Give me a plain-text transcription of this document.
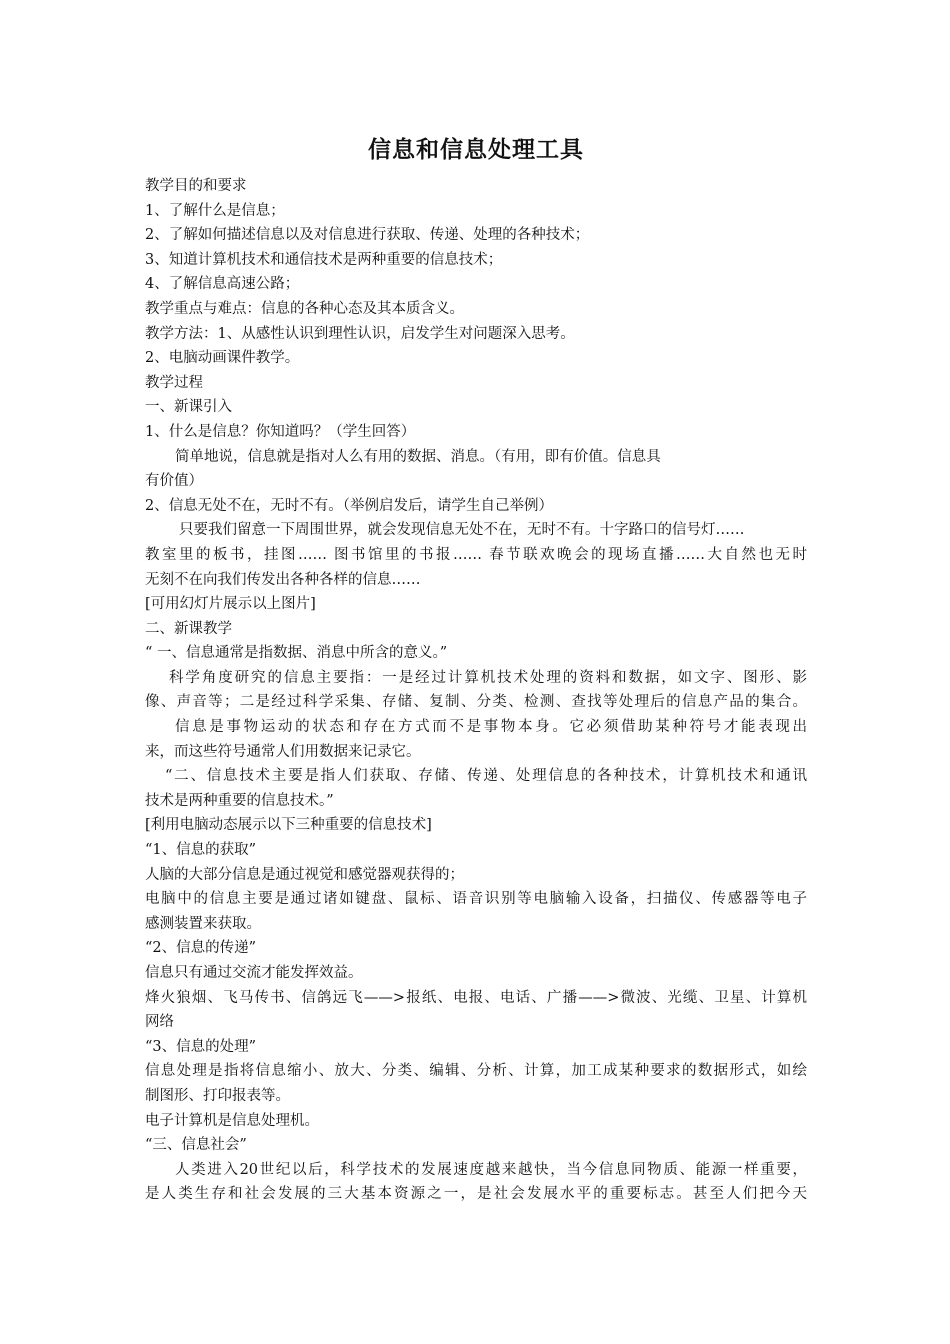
信息和信息处理工具

教学目的和要求

1、了解什么是信息；

2、了解如何描述信息以及对信息进行获取、传递、处理的各种技术；

3、知道计算机技术和通信技术是两种重要的信息技术；

4、了解信息高速公路；

教学重点与难点：信息的各种心态及其本质含义。

教学方法：1、从感性认识到理性认识，启发学生对问题深入思考。

2、电脑动画课件教学。

教学过程

一、新课引入

1、什么是信息？你知道吗？（学生回答）

简单地说，信息就是指对人么有用的数据、消息。（有用，即有价值。信息具

有价值）

2、信息无处不在，无时不有。（举例启发后，请学生自己举例）

只要我们留意一下周围世界，就会发现信息无处不在，无时不有。十字路口的信号灯……

教室里的板书，挂图…… 图书馆里的书报…… 春节联欢晚会的现场直播……大自然也无时

无刻不在向我们传发出各种各样的信息……

[可用幻灯片展示以上图片]

二、新课教学

“ 一、信息通常是指数据、消息中所含的意义。”

科学角度研究的信息主要指：一是经过计算机技术处理的资料和数据，如文字、图形、影

像、声音等；二是经过科学采集、存储、复制、分类、检测、查找等处理后的信息产品的集合。

信息是事物运动的状态和存在方式而不是事物本身。它必须借助某种符号才能表现出

来，而这些符号通常人们用数据来记录它。

“二、信息技术主要是指人们获取、存储、传递、处理信息的各种技术，计算机技术和通讯

技术是两种重要的信息技术。”

[利用电脑动态展示以下三种重要的信息技术]

“1、信息的获取”

人脑的大部分信息是通过视觉和感觉器观获得的；

电脑中的信息主要是通过诸如键盘、鼠标、语音识别等电脑输入设备，扫描仪、传感器等电子

感测装置来获取。

“2、信息的传递”

信息只有通过交流才能发挥效益。

烽火狼烟、飞马传书、信鸽远飞——>报纸、电报、电话、广播——>微波、光缆、卫星、计算机

网络

“3、信息的处理”

信息处理是指将信息缩小、放大、分类、编辑、分析、计算，加工成某种要求的数据形式，如绘

制图形、打印报表等。

电子计算机是信息处理机。

“三、信息社会”

人类进入20世纪以后，科学技术的发展速度越来越快，当今信息同物质、能源一样重要，

是人类生存和社会发展的三大基本资源之一，是社会发展水平的重要标志。甚至人们把今天
